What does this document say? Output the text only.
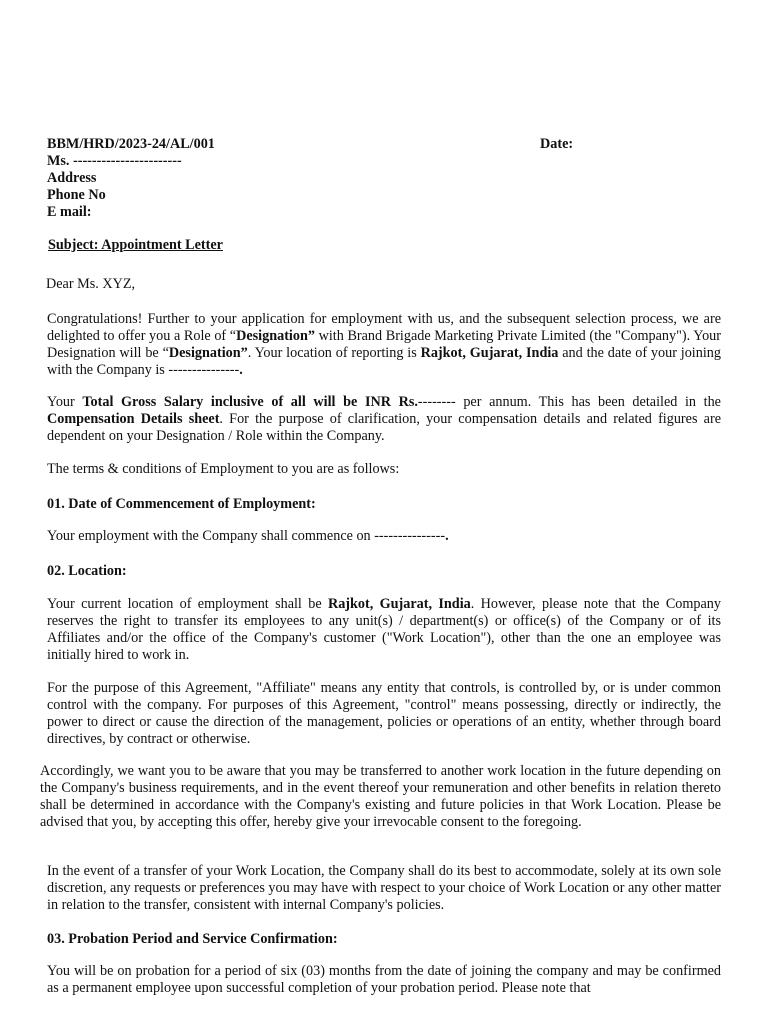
BBM/HRD/2023-24/AL/001	Date:
Ms. -----------------------
Address
Phone No
E mail:
Subject: Appointment Letter
Dear Ms. XYZ,
Congratulations! Further to your application for employment with us, and the subsequent selection process, we are delighted to offer you a Role of “Designation” with Brand Brigade Marketing Private Limited (the "Company"). Your Designation will be “Designation”. Your location of reporting is Rajkot, Gujarat, India and the date of your joining with the Company is ---------------.
Your Total Gross Salary inclusive of all will be INR Rs.-------- per annum. This has been detailed in the Compensation Details sheet. For the purpose of clarification, your compensation details and related figures are dependent on your Designation / Role within the Company.
The terms & conditions of Employment to you are as follows:
01. Date of Commencement of Employment:
Your employment with the Company shall commence on ---------------.
02. Location:
Your current location of employment shall be Rajkot, Gujarat, India. However, please note that the Company reserves the right to transfer its employees to any unit(s) / department(s) or office(s) of the Company or of its Affiliates and/or the office of the Company's customer ("Work Location"), other than the one an employee was initially hired to work in.
For the purpose of this Agreement, "Affiliate" means any entity that controls, is controlled by, or is under common control with the company. For purposes of this Agreement, "control" means possessing, directly or indirectly, the power to direct or cause the direction of the management, policies or operations of an entity, whether through board directives, by contract or otherwise.
Accordingly, we want you to be aware that you may be transferred to another work location in the future depending on the Company's business requirements, and in the event thereof your remuneration and other benefits in relation thereto shall be determined in accordance with the Company's existing and future policies in that Work Location. Please be advised that you, by accepting this offer, hereby give your irrevocable consent to the foregoing.
In the event of a transfer of your Work Location, the Company shall do its best to accommodate, solely at its own sole discretion, any requests or preferences you may have with respect to your choice of Work Location or any other matter in relation to the transfer, consistent with internal Company's policies.
03. Probation Period and Service Confirmation:
You will be on probation for a period of six (03) months from the date of joining the company and may be confirmed as a permanent employee upon successful completion of your probation period. Please note that
